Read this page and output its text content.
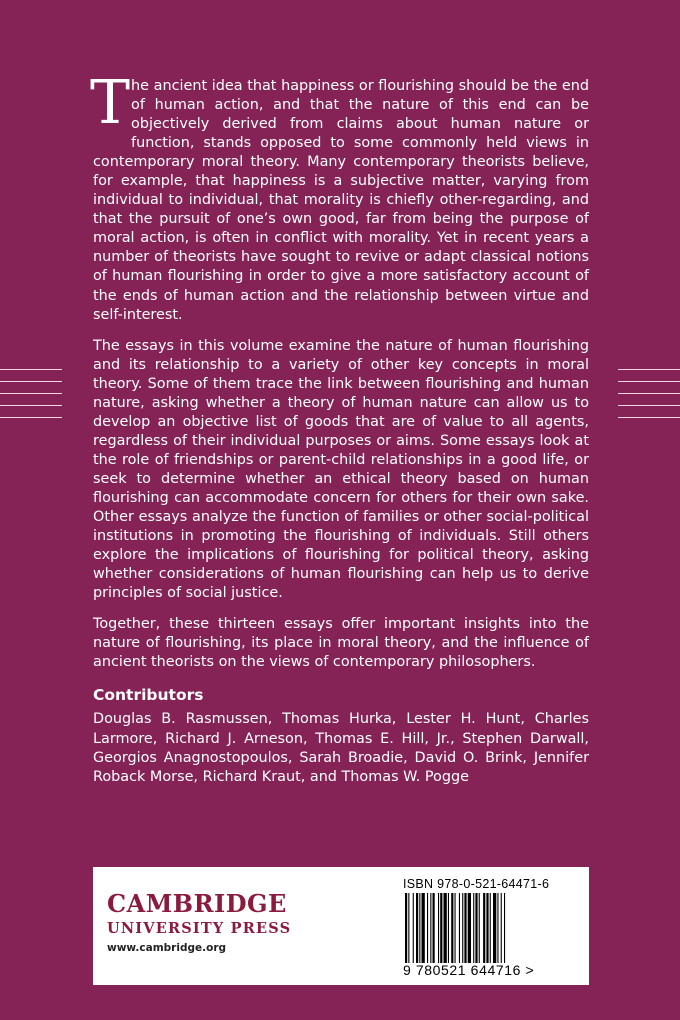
The ancient idea that happiness or flourishing should be the end of human action, and that the nature of this end can be objectively derived from claims about human nature or function, stands opposed to some commonly held views in contemporary moral theory. Many contemporary theorists believe, for example, that happiness is a subjective matter, varying from individual to individual, that morality is chiefly other-regarding, and that the pursuit of one’s own good, far from being the purpose of moral action, is often in conflict with morality. Yet in recent years a number of theorists have sought to revive or adapt classical notions of human flourishing in order to give a more satisfactory account of the ends of human action and the relationship between virtue and self-interest.

The essays in this volume examine the nature of human flourishing and its relationship to a variety of other key concepts in moral theory. Some of them trace the link between flourishing and human nature, asking whether a theory of human nature can allow us to develop an objective list of goods that are of value to all agents, regardless of their individual purposes or aims. Some essays look at the role of friendships or parent-child relationships in a good life, or seek to determine whether an ethical theory based on human flourishing can accommodate concern for others for their own sake. Other essays analyze the function of families or other social-political institutions in promoting the flourishing of individuals. Still others explore the implications of flourishing for political theory, asking whether considerations of human flourishing can help us to derive principles of social justice.

Together, these thirteen essays offer important insights into the nature of flourishing, its place in moral theory, and the influence of ancient theorists on the views of contemporary philosophers.

Contributors

Douglas B. Rasmussen, Thomas Hurka, Lester H. Hunt, Charles Larmore, Richard J. Arneson, Thomas E. Hill, Jr., Stephen Darwall, Georgios Anagnostopoulos, Sarah Broadie, David O. Brink, Jennifer Roback Morse, Richard Kraut, and Thomas W. Pogge

CAMBRIDGE
UNIVERSITY PRESS
www.cambridge.org
ISBN 978-0-521-64471-6
9 780521 644716 >
